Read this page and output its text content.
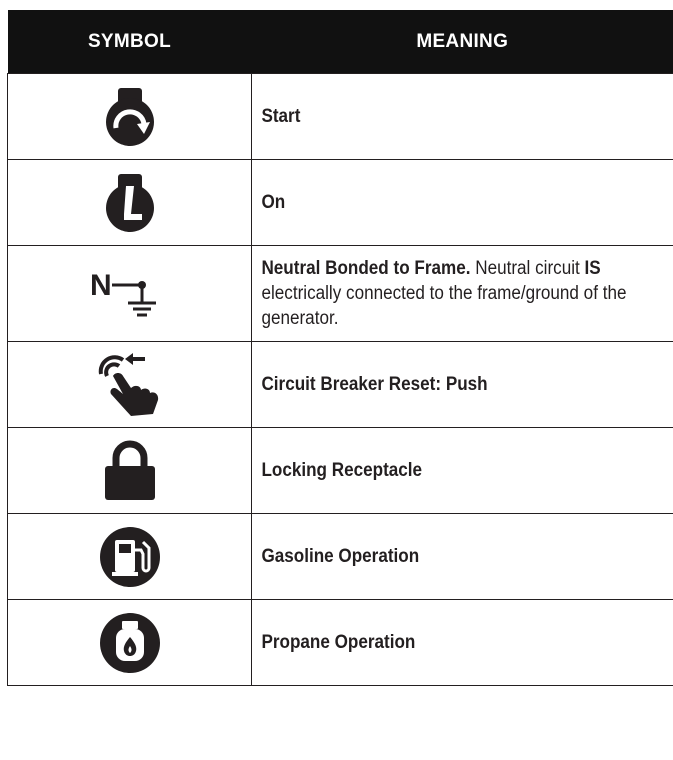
SYMBOL	MEANING

	Start

	On

N	Neutral Bonded to Frame. Neutral circuit IS electrically connected to the frame/ground of the generator.

	Circuit Breaker Reset: Push

	Locking Receptacle

	Gasoline Operation

	Propane Operation
